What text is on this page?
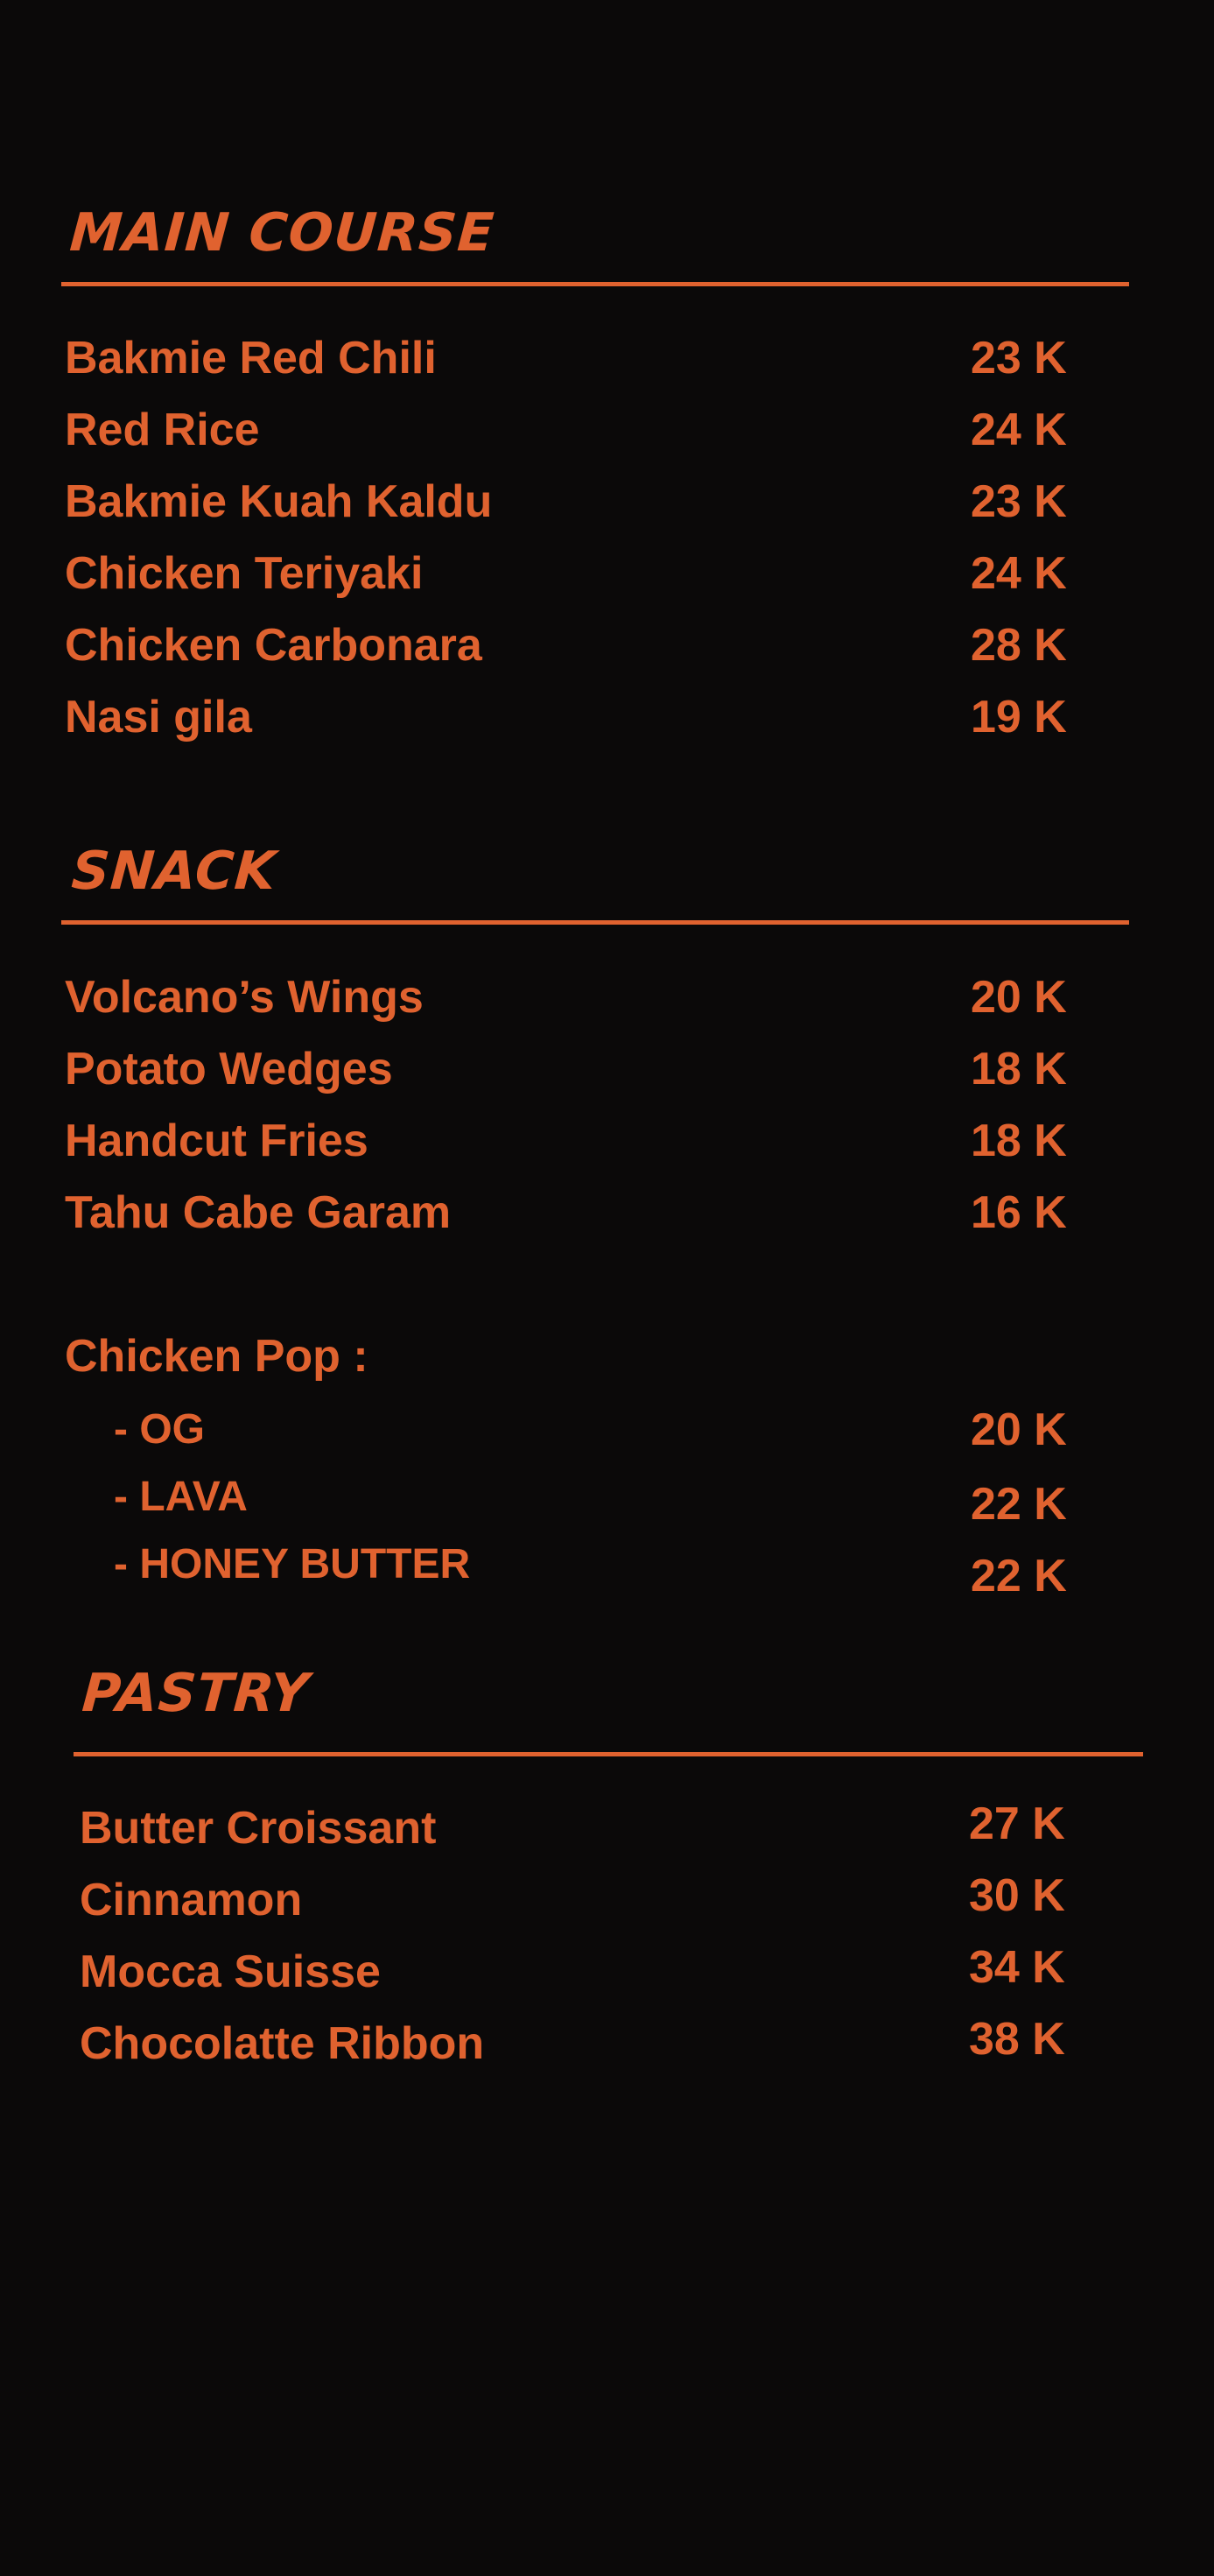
MAIN COURSE
Bakmie Red Chili	23 K
Red Rice	24 K
Bakmie Kuah Kaldu	23 K
Chicken Teriyaki	24 K
Chicken Carbonara	28 K
Nasi gila	19 K
SNACK
Volcano’s Wings	20 K
Potato Wedges	18 K
Handcut Fries	18 K
Tahu Cabe Garam	16 K
Chicken Pop :
- OG	20 K
- LAVA	22 K
- HONEY BUTTER	22 K
PASTRY
Butter Croissant	27 K
Cinnamon	30 K
Mocca Suisse	34 K
Chocolatte Ribbon	38 K
